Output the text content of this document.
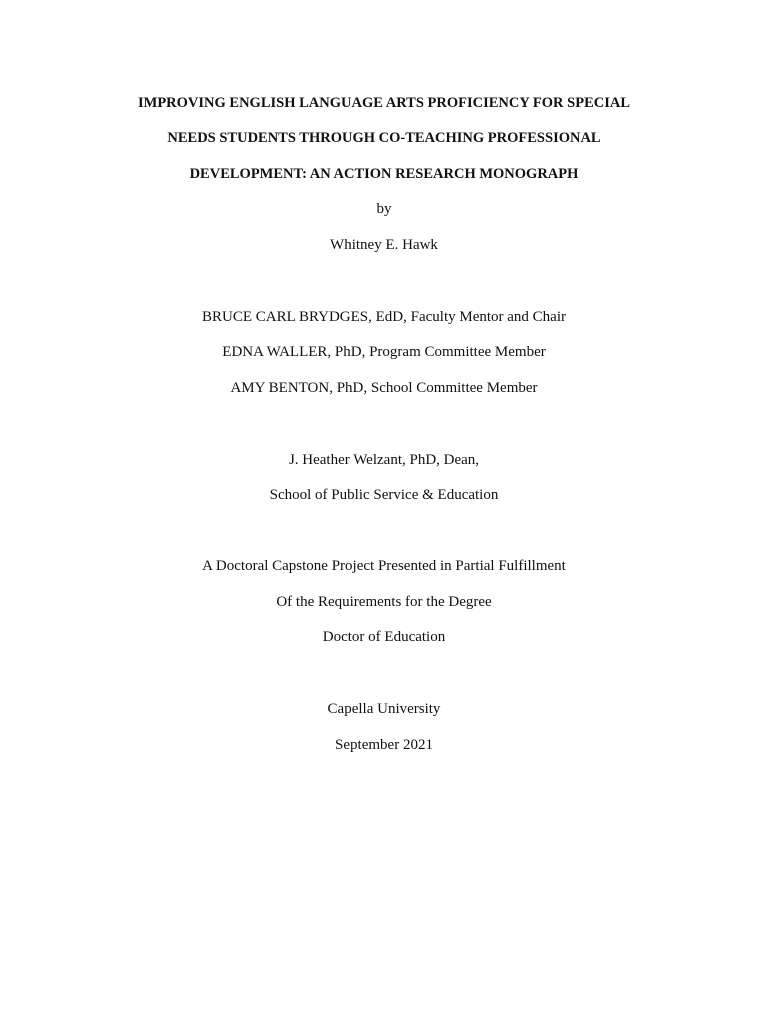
IMPROVING ENGLISH LANGUAGE ARTS PROFICIENCY FOR SPECIAL
NEEDS STUDENTS THROUGH CO-TEACHING PROFESSIONAL
DEVELOPMENT: AN ACTION RESEARCH MONOGRAPH
by
Whitney E. Hawk
BRUCE CARL BRYDGES, EdD, Faculty Mentor and Chair
EDNA WALLER, PhD, Program Committee Member
AMY BENTON, PhD, School Committee Member
J. Heather Welzant, PhD, Dean,
School of Public Service & Education
A Doctoral Capstone Project Presented in Partial Fulfillment
Of the Requirements for the Degree
Doctor of Education
Capella University
September 2021
